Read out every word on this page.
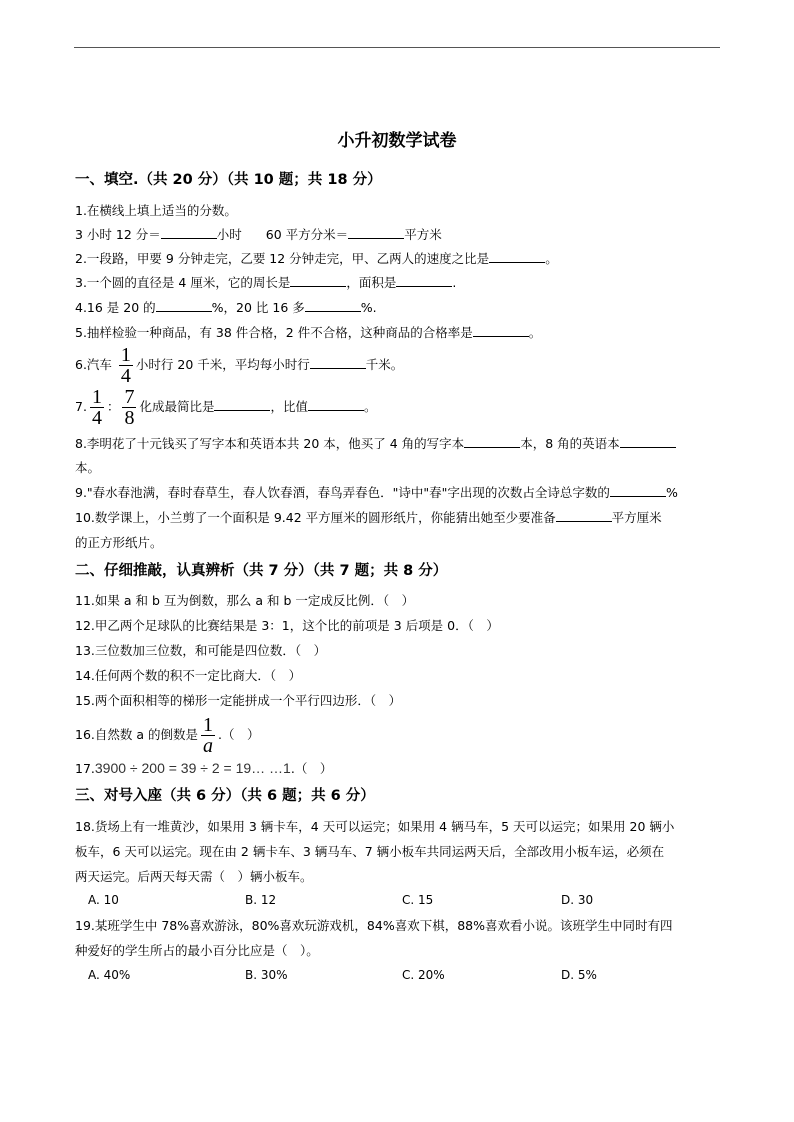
小升初数学试卷
一、填空.（共 20 分）（共 10 题；共 18 分）
1.在横线上填上适当的分数。
3 小时 12 分＝	小时 60 平方分米＝	平方米
2.一段路，甲要 9 分钟走完，乙要 12 分钟走完，甲、乙两人的速度之比是	。
3.一个圆的直径是 4 厘米，它的周长是	，面积是	.
4.16 是 20 的	%，20 比 16 多	%.
5.抽样检验一种商品，有 38 件合格，2 件不合格，这种商品的合格率是	。
6.汽车 $\frac{1}{4}$ 小时行 20 千米，平均每小时行	千米。
7. $\frac{1}{4}$ ： $\frac{7}{8}$ 化成最简比是	，比值	。
8.李明花了十元钱买了写字本和英语本共 20 本，他买了 4 角的写字本	本，8 角的英语本
本。
9."春水春池满，春时春草生，春人饮春酒，春鸟弄春色．"诗中"春"字出现的次数占全诗总字数的	%
10.数学课上，小兰剪了一个面积是 9.42 平方厘米的圆形纸片，你能猜出她至少要准备	平方厘米
的正方形纸片。
二、仔细推敲，认真辨析（共 7 分）（共 7 题；共 8 分）
11.如果 a 和 b 互为倒数，那么 a 和 b 一定成反比例．（　）
12.甲乙两个足球队的比赛结果是 3：1，这个比的前项是 3 后项是 0．（　）
13.三位数加三位数，和可能是四位数．（　）
14.任何两个数的积不一定比商大．（　）
15.两个面积相等的梯形一定能拼成一个平行四边形．（　）
16.自然数 a 的倒数是 $\frac{1}{a}$ .（　）
17.3900 ÷ 200 = 39 ÷ 2 = 19… …1.（　）
三、对号入座（共 6 分）（共 6 题；共 6 分）
18.货场上有一堆黄沙，如果用 3 辆卡车，4 天可以运完；如果用 4 辆马车，5 天可以运完；如果用 20 辆小
板车，6 天可以运完。现在由 2 辆卡车、3 辆马车、7 辆小板车共同运两天后，全部改用小板车运，必须在
两天运完。后两天每天需（　）辆小板车。
A. 10	B. 12	C. 15	D. 30
19.某班学生中 78%喜欢游泳，80%喜欢玩游戏机，84%喜欢下棋，88%喜欢看小说。该班学生中同时有四
种爱好的学生所占的最小百分比应是（　）。
A. 40%	B. 30%	C. 20%	D. 5%
